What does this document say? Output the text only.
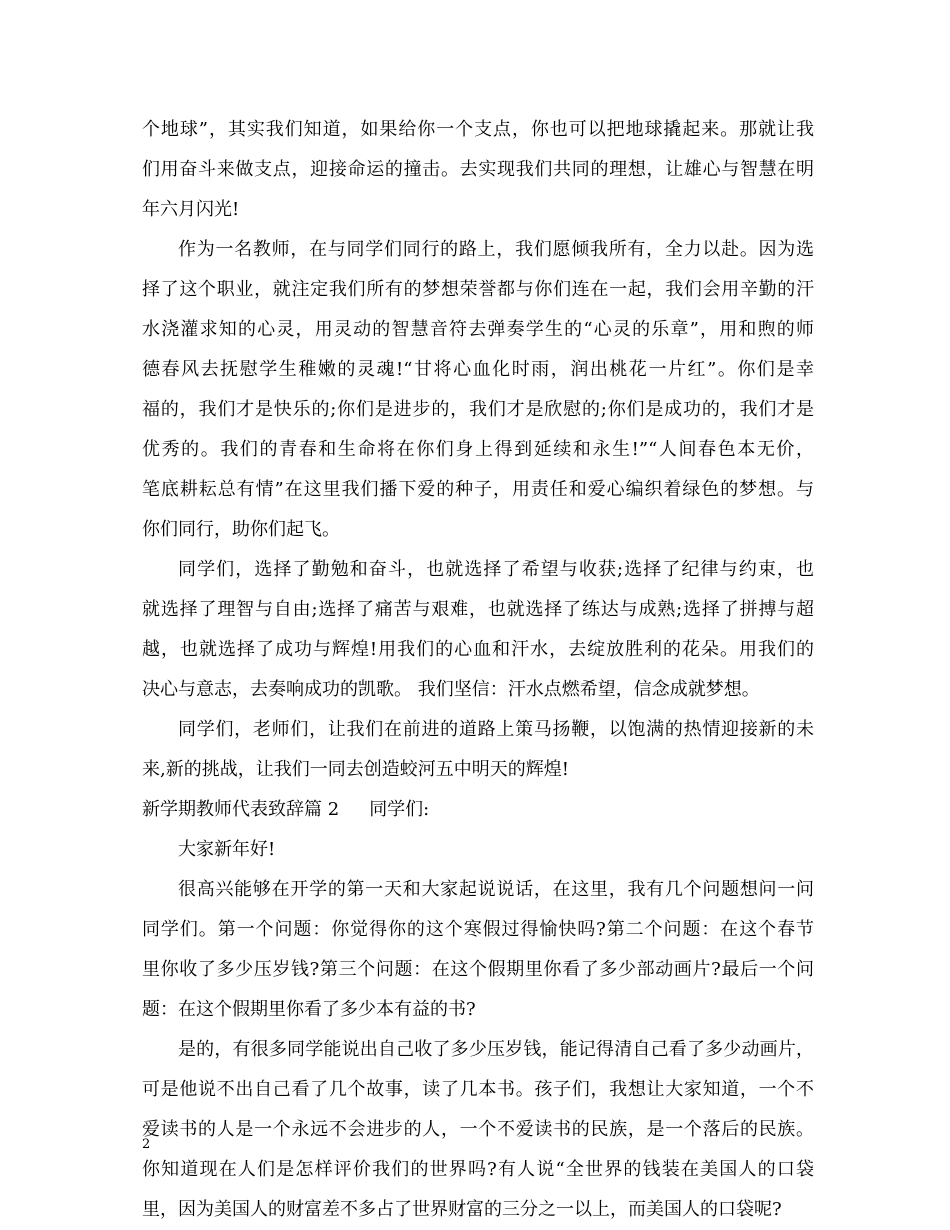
个地球”，其实我们知道，如果给你一个支点，你也可以把地球撬起来。那就让我
们用奋斗来做支点，迎接命运的撞击。去实现我们共同的理想，让雄心与智慧在明
年六月闪光!
作为一名教师，在与同学们同行的路上，我们愿倾我所有，全力以赴。因为选
择了这个职业，就注定我们所有的梦想荣誉都与你们连在一起，我们会用辛勤的汗
水浇灌求知的心灵，用灵动的智慧音符去弹奏学生的“心灵的乐章”，用和煦的师
德春风去抚慰学生稚嫩的灵魂!“甘将心血化时雨，润出桃花一片红”。你们是幸
福的，我们才是快乐的;你们是进步的，我们才是欣慰的;你们是成功的，我们才是
优秀的。我们的青春和生命将在你们身上得到延续和永生!”“人间春色本无价，
笔底耕耘总有情”在这里我们播下爱的种子，用责任和爱心编织着绿色的梦想。与
你们同行，助你们起飞。
同学们，选择了勤勉和奋斗，也就选择了希望与收获;选择了纪律与约束，也
就选择了理智与自由;选择了痛苦与艰难，也就选择了练达与成熟;选择了拼搏与超
越，也就选择了成功与辉煌!用我们的心血和汗水，去绽放胜利的花朵。用我们的
决心与意志，去奏响成功的凯歌。 我们坚信：汗水点燃希望，信念成就梦想。
同学们，老师们，让我们在前进的道路上策马扬鞭，以饱满的热情迎接新的未
来,新的挑战，让我们一同去创造蛟河五中明天的辉煌!
新学期教师代表致辞篇 2 同学们:
大家新年好!
很高兴能够在开学的第一天和大家起说说话，在这里，我有几个问题想问一问
同学们。第一个问题：你觉得你的这个寒假过得愉快吗?第二个问题：在这个春节
里你收了多少压岁钱?第三个问题：在这个假期里你看了多少部动画片?最后一个问
题：在这个假期里你看了多少本有益的书?
是的，有很多同学能说出自己收了多少压岁钱，能记得清自己看了多少动画片，
可是他说不出自己看了几个故事，读了几本书。孩子们，我想让大家知道，一个不
爱读书的人是一个永远不会进步的人，一个不爱读书的民族，是一个落后的民族。
你知道现在人们是怎样评价我们的世界吗?有人说“全世界的钱装在美国人的口袋
里，因为美国人的财富差不多占了世界财富的三分之一以上，而美国人的口袋呢?
2
